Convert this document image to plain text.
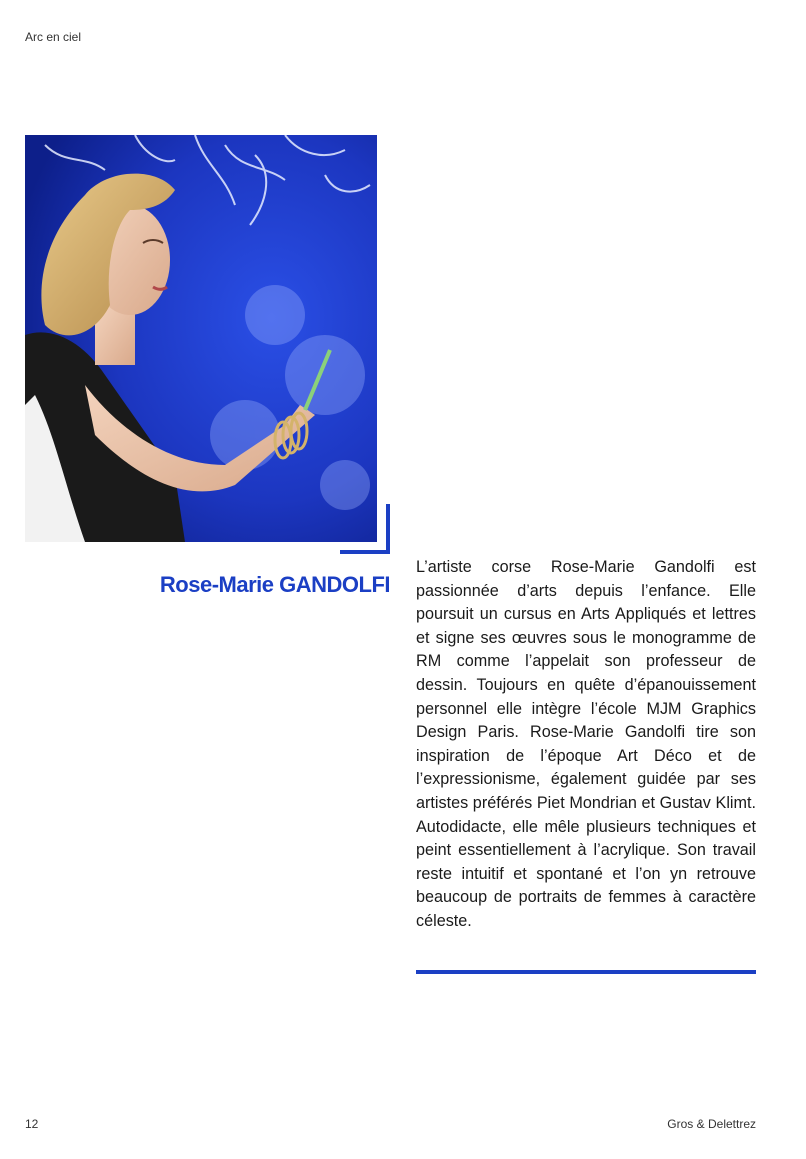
Arc en ciel
Rose-Marie GANDOLFI

L’artiste corse Rose-Marie Gandolfi est passionnée d’arts depuis l’enfance. Elle poursuit un cursus en Arts Appliqués et lettres et signe ses œuvres sous le monogramme de RM comme l’appelait son professeur de dessin. Toujours en quête d’épanouissement personnel elle intègre l’école MJM Graphics Design Paris. Rose-Marie Gandolfi tire son inspiration de l’époque Art Déco et de l’expressionisme, également guidée par ses artistes préférés Piet Mondrian et Gustav Klimt. Autodidacte, elle mêle plusieurs techniques et peint essentiellement à l’acrylique. Son travail reste intuitif et spontané et l’on yn retrouve beaucoup de portraits de femmes à caractère céleste.

12	Gros & Delettrez
